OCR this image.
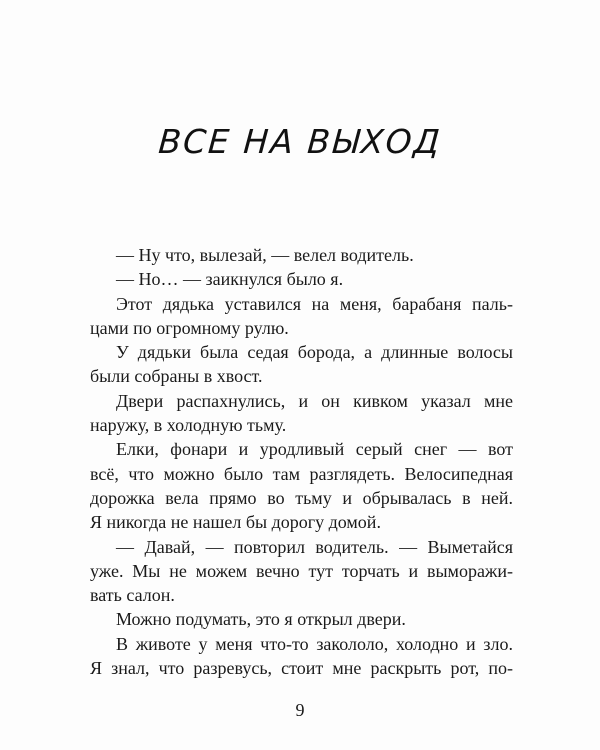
ВСЕ НА ВЫХОД
— Ну что, вылезай, — велел водитель.
— Но… — заикнулся было я.
Этот дядька уставился на меня, барабаня паль-
цами по огромному рулю.
У дядьки была седая борода, а длинные волосы
были собраны в хвост.
Двери распахнулись, и он кивком указал мне
наружу, в холодную тьму.
Елки, фонари и уродливый серый снег — вот
всё, что можно было там разглядеть. Велосипедная
дорожка вела прямо во тьму и обрывалась в ней.
Я никогда не нашел бы дорогу домой.
— Давай, — повторил водитель. — Выметайся
уже. Мы не можем вечно тут торчать и выморажи-
вать салон.
Можно подумать, это я открыл двери.
В животе у меня что-то закололо, холодно и зло.
Я знал, что разревусь, стоит мне раскрыть рот, по-
9
